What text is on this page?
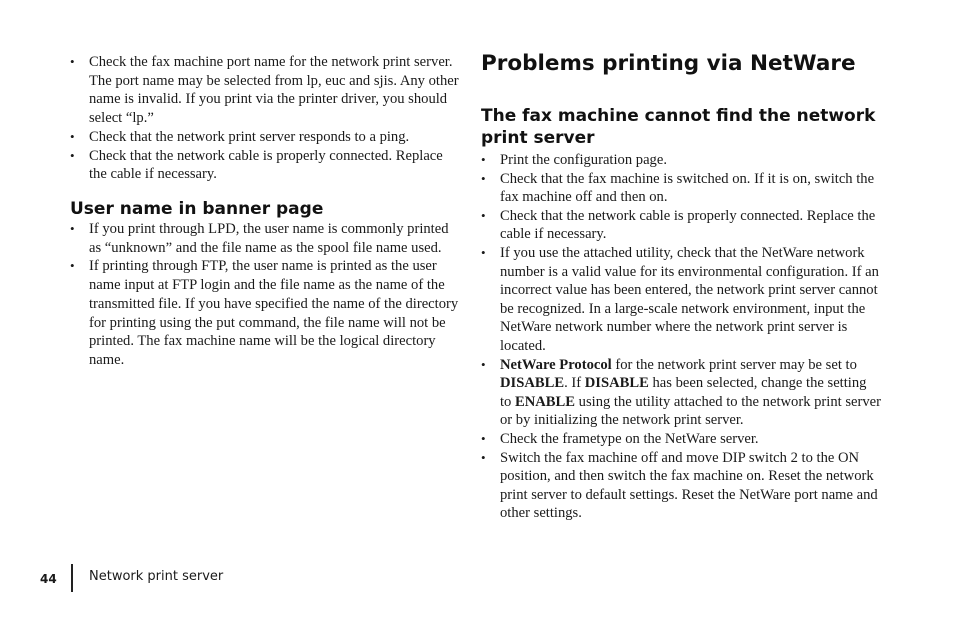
• Check the fax machine port name for the network print server. The port name may be selected from lp, euc and sjis. Any other name is invalid. If you print via the printer driver, you should select “lp.”
• Check that the network print server responds to a ping.
• Check that the network cable is properly connected. Replace the cable if necessary.
User name in banner page
• If you print through LPD, the user name is commonly printed as “unknown” and the file name as the spool file name used.
• If printing through FTP, the user name is printed as the user name input at FTP login and the file name as the name of the transmitted file. If you have specified the name of the directory for printing using the put command, the file name will not be printed. The fax machine name will be the logical directory name.
Problems printing via NetWare
The fax machine cannot find the network print server
• Print the configuration page.
• Check that the fax machine is switched on. If it is on, switch the fax machine off and then on.
• Check that the network cable is properly connected. Replace the cable if necessary.
• If you use the attached utility, check that the NetWare network number is a valid value for its environmental configuration. If an incorrect value has been entered, the network print server cannot be recognized. In a large-scale network environment, input the NetWare network number where the network print server is located.
• NetWare Protocol for the network print server may be set to DISABLE. If DISABLE has been selected, change the setting to ENABLE using the utility attached to the network print server or by initializing the network print server.
• Check the frametype on the NetWare server.
• Switch the fax machine off and move DIP switch 2 to the ON position, and then switch the fax machine on. Reset the network print server to default settings. Reset the NetWare port name and other settings.
44 Network print server
